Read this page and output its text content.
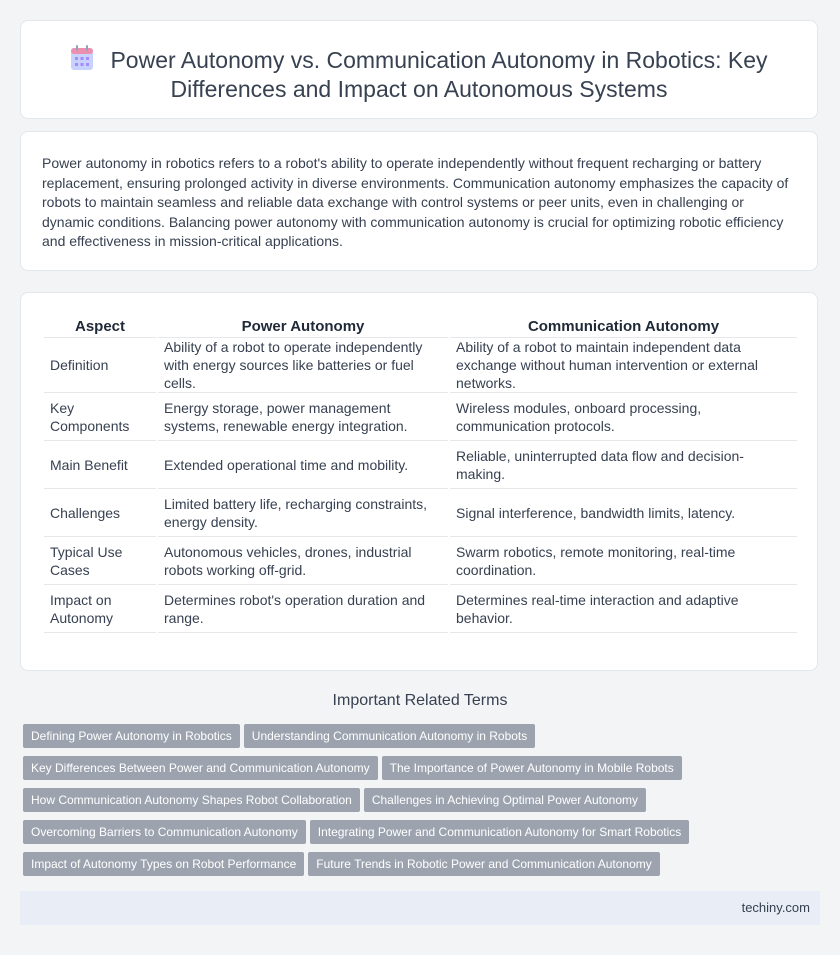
Power Autonomy vs. Communication Autonomy in Robotics: Key Differences and Impact on Autonomous Systems
Power autonomy in robotics refers to a robot's ability to operate independently without frequent recharging or battery replacement, ensuring prolonged activity in diverse environments. Communication autonomy emphasizes the capacity of robots to maintain seamless and reliable data exchange with control systems or peer units, even in challenging or dynamic conditions. Balancing power autonomy with communication autonomy is crucial for optimizing robotic efficiency and effectiveness in mission-critical applications.
Aspect	Power Autonomy	Communication Autonomy
Definition	Ability of a robot to operate independently with energy sources like batteries or fuel cells.	Ability of a robot to maintain independent data exchange without human intervention or external networks.
Key Components	Energy storage, power management systems, renewable energy integration.	Wireless modules, onboard processing, communication protocols.
Main Benefit	Extended operational time and mobility.	Reliable, uninterrupted data flow and decision-making.
Challenges	Limited battery life, recharging constraints, energy density.	Signal interference, bandwidth limits, latency.
Typical Use Cases	Autonomous vehicles, drones, industrial robots working off-grid.	Swarm robotics, remote monitoring, real-time coordination.
Impact on Autonomy	Determines robot's operation duration and range.	Determines real-time interaction and adaptive behavior.
Important Related Terms
Defining Power Autonomy in Robotics Understanding Communication Autonomy in Robots
Key Differences Between Power and Communication Autonomy The Importance of Power Autonomy in Mobile Robots
How Communication Autonomy Shapes Robot Collaboration Challenges in Achieving Optimal Power Autonomy
Overcoming Barriers to Communication Autonomy Integrating Power and Communication Autonomy for Smart Robotics
Impact of Autonomy Types on Robot Performance Future Trends in Robotic Power and Communication Autonomy
techiny.com
